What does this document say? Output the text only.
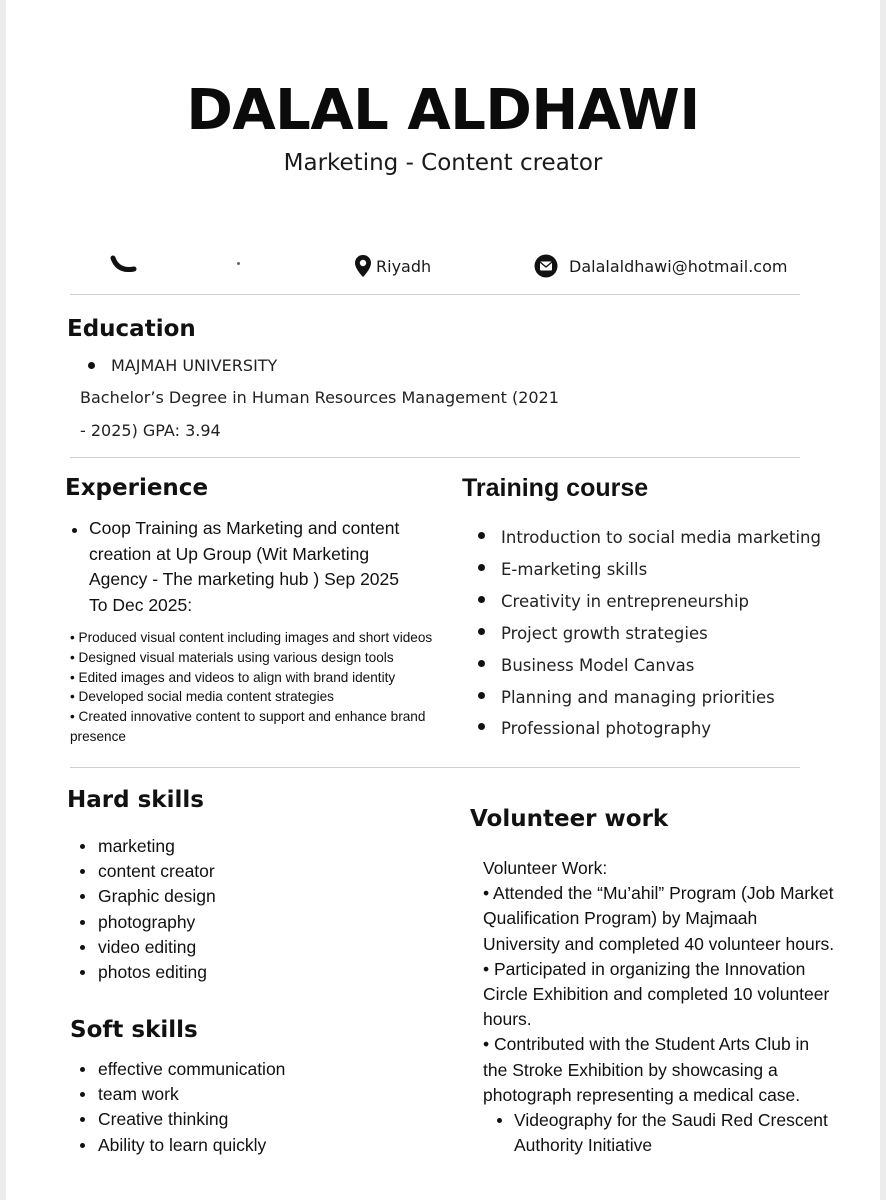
DALAL ALDHAWI
Marketing - Content creator
Riyadh	Dalalaldhawi@hotmail.com
Education
MAJMAH UNIVERSITY
Bachelor’s Degree in Human Resources Management (2021
- 2025) GPA: 3.94
Experience
Coop Training as Marketing and content
creation at Up Group (Wit Marketing
Agency - The marketing hub ) Sep 2025
To Dec 2025:
• Produced visual content including images and short videos
• Designed visual materials using various design tools
• Edited images and videos to align with brand identity
• Developed social media content strategies
• Created innovative content to support and enhance brand
presence
Training course
Introduction to social media marketing
E-marketing skills
Creativity in entrepreneurship
Project growth strategies
Business Model Canvas
Planning and managing priorities
Professional photography
Hard skills
marketing
content creator
Graphic design
photography
video editing
photos editing
Soft skills
effective communication
team work
Creative thinking
Ability to learn quickly
Volunteer work
Volunteer Work:
• Attended the “Mu’ahil” Program (Job Market
Qualification Program) by Majmaah
University and completed 40 volunteer hours.
• Participated in organizing the Innovation
Circle Exhibition and completed 10 volunteer
hours.
• Contributed with the Student Arts Club in
the Stroke Exhibition by showcasing a
photograph representing a medical case.
Videography for the Saudi Red Crescent
Authority Initiative
